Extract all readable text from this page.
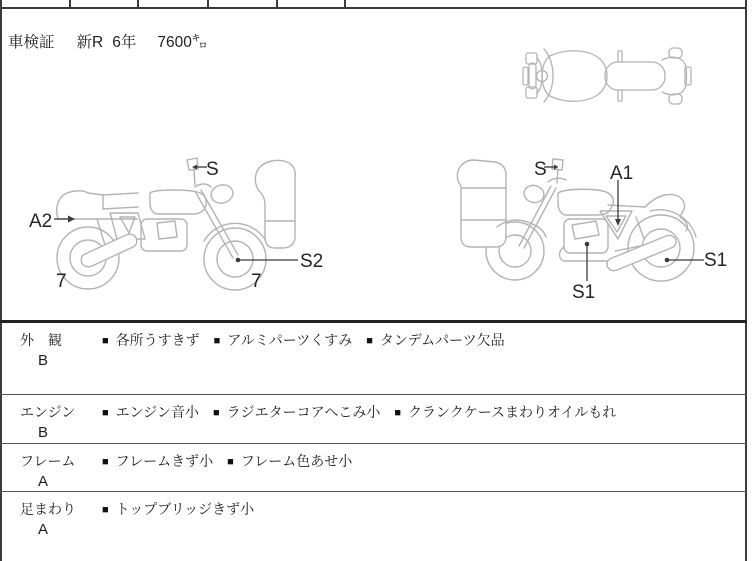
車検証 新R 6年 7600㌔
A2
S
S2
7	7
S	A1
S1
S1
外　観
B
■ 各所うすきず ■ アルミパーツくすみ ■ タンデムパーツ欠品
エンジン
B
■ エンジン音小 ■ ラジエターコアへこみ小 ■ クランクケースまわりオイルもれ
フレーム
A
■ フレームきず小 ■ フレーム色あせ小
足まわり
A
■ トップブリッジきず小
